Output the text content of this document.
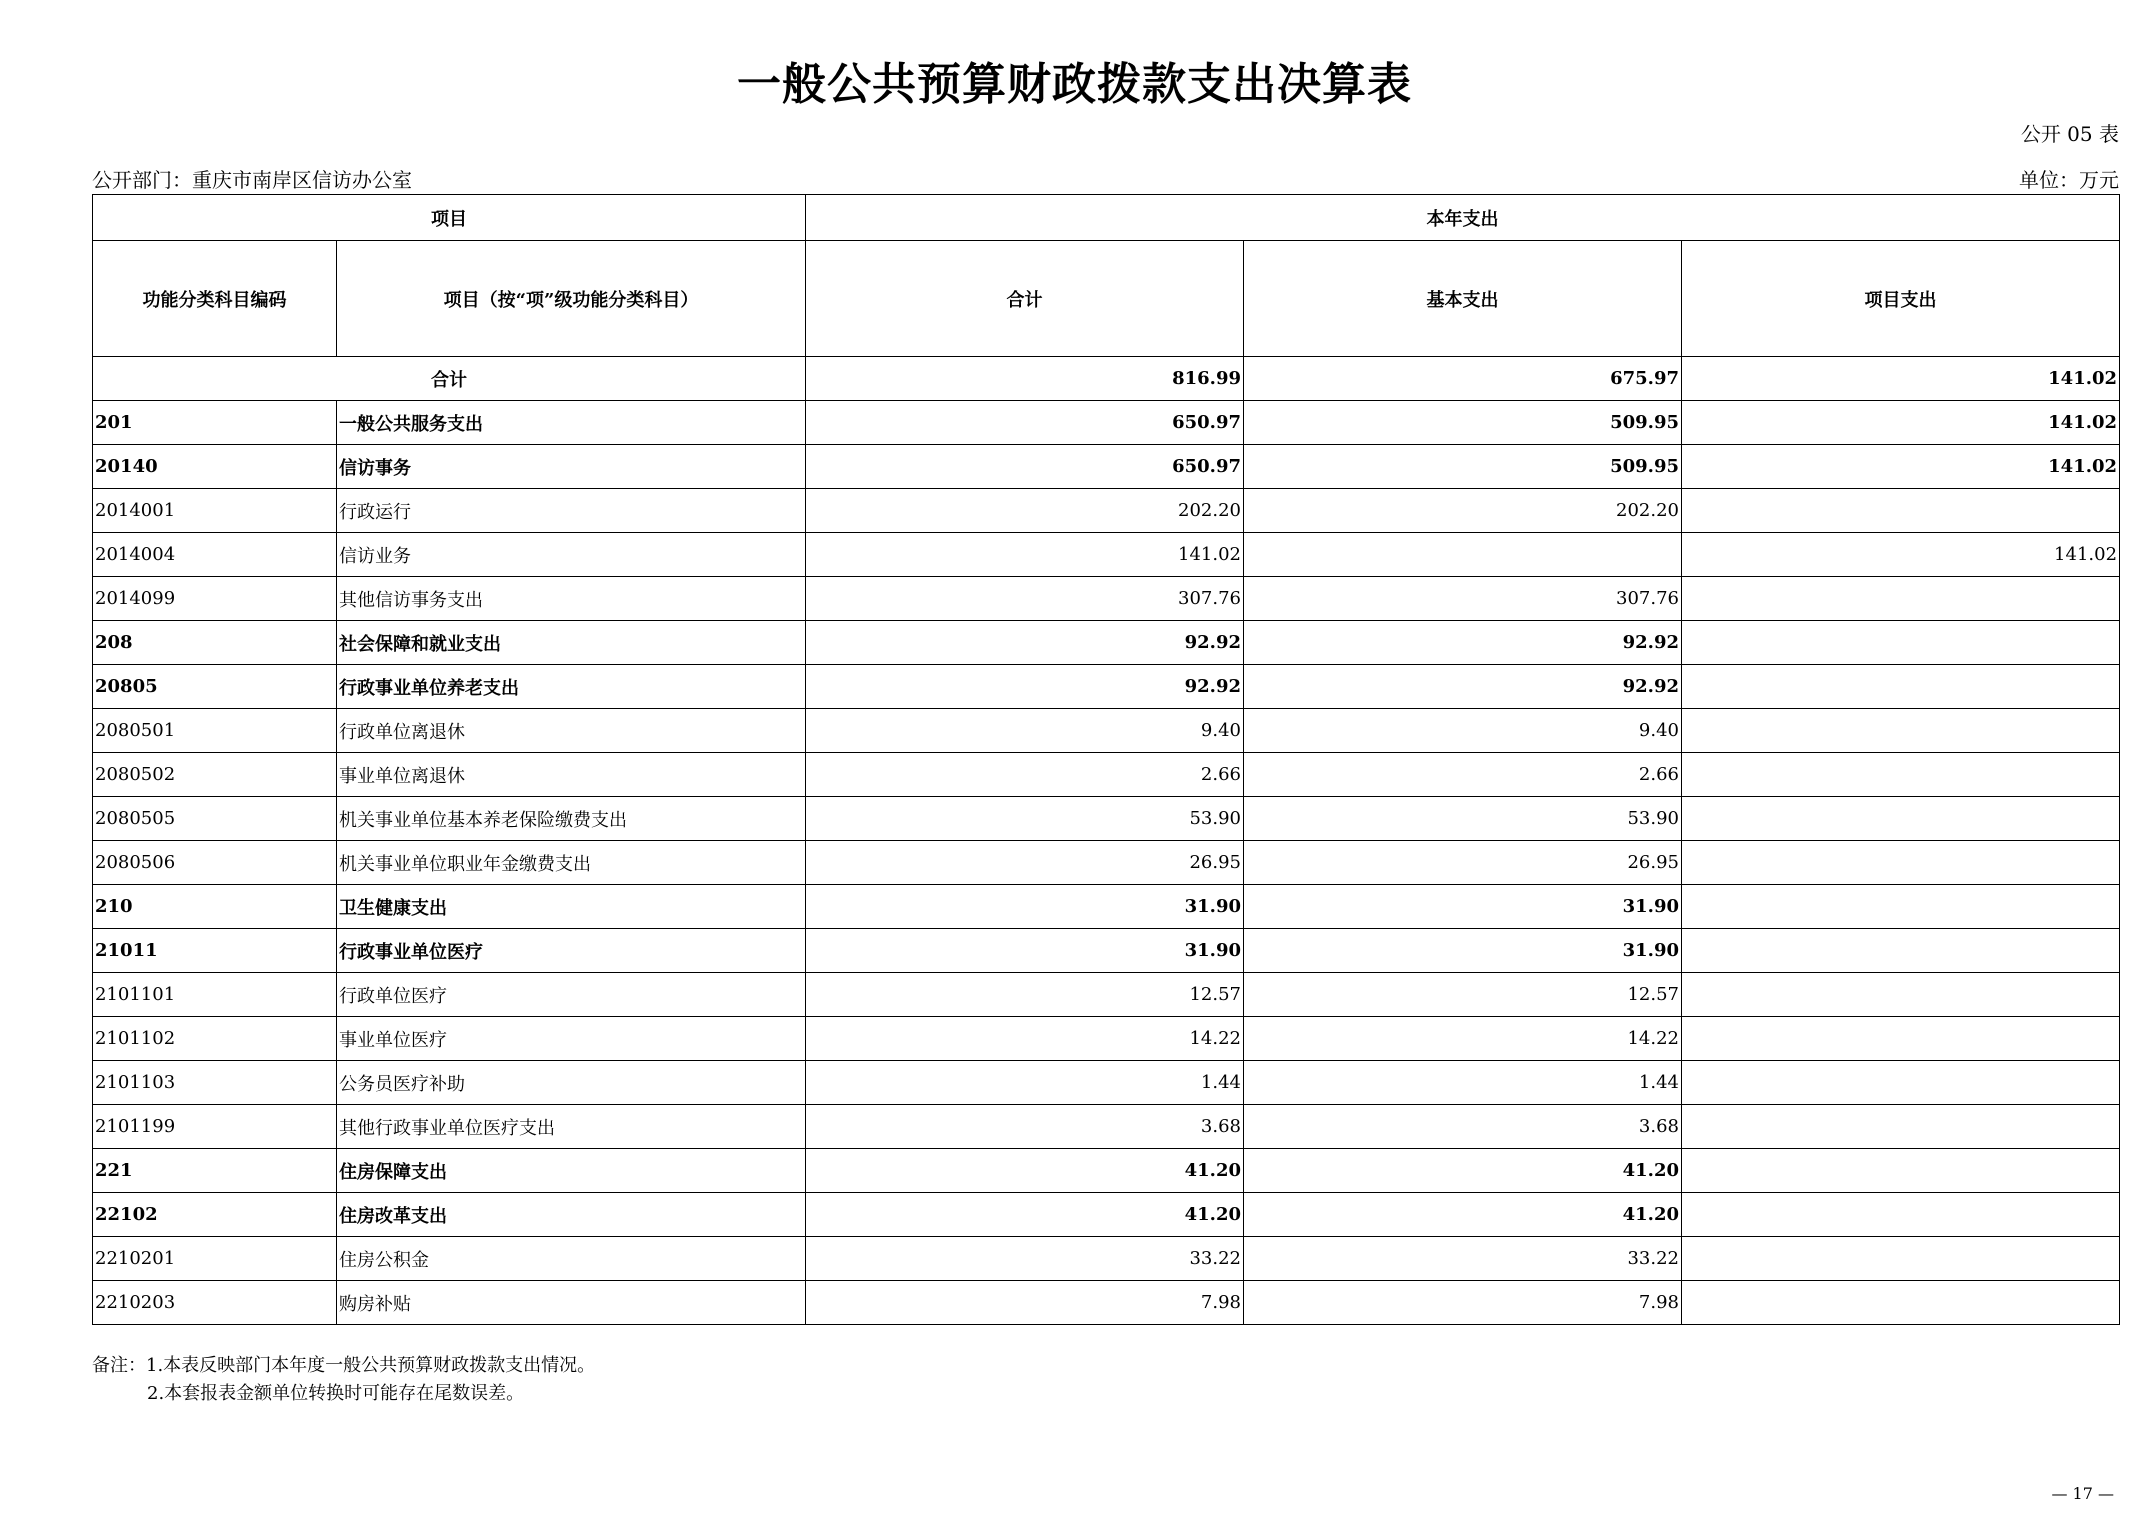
一般公共预算财政拨款支出决算表
公开 05 表
公开部门：重庆市南岸区信访办公室	单位：万元
项目		本年支出		
功能分类科目编码	项目（按“项”级功能分类科目）	合计	基本支出	项目支出
合计		816.99	675.97	141.02
201	一般公共服务支出	650.97	509.95	141.02
20140	信访事务	650.97	509.95	141.02
2014001	行政运行	202.20	202.20	
2014004	信访业务	141.02		141.02
2014099	其他信访事务支出	307.76	307.76	
208	社会保障和就业支出	92.92	92.92	
20805	行政事业单位养老支出	92.92	92.92	
2080501	行政单位离退休	9.40	9.40	
2080502	事业单位离退休	2.66	2.66	
2080505	机关事业单位基本养老保险缴费支出	53.90	53.90	
2080506	机关事业单位职业年金缴费支出	26.95	26.95	
210	卫生健康支出	31.90	31.90	
21011	行政事业单位医疗	31.90	31.90	
2101101	行政单位医疗	12.57	12.57	
2101102	事业单位医疗	14.22	14.22	
2101103	公务员医疗补助	1.44	1.44	
2101199	其他行政事业单位医疗支出	3.68	3.68	
221	住房保障支出	41.20	41.20	
22102	住房改革支出	41.20	41.20	
2210201	住房公积金	33.22	33.22	
2210203	购房补贴	7.98	7.98	
备注：1.本表反映部门本年度一般公共预算财政拨款支出情况。
2.本套报表金额单位转换时可能存在尾数误差。
— 17 —
